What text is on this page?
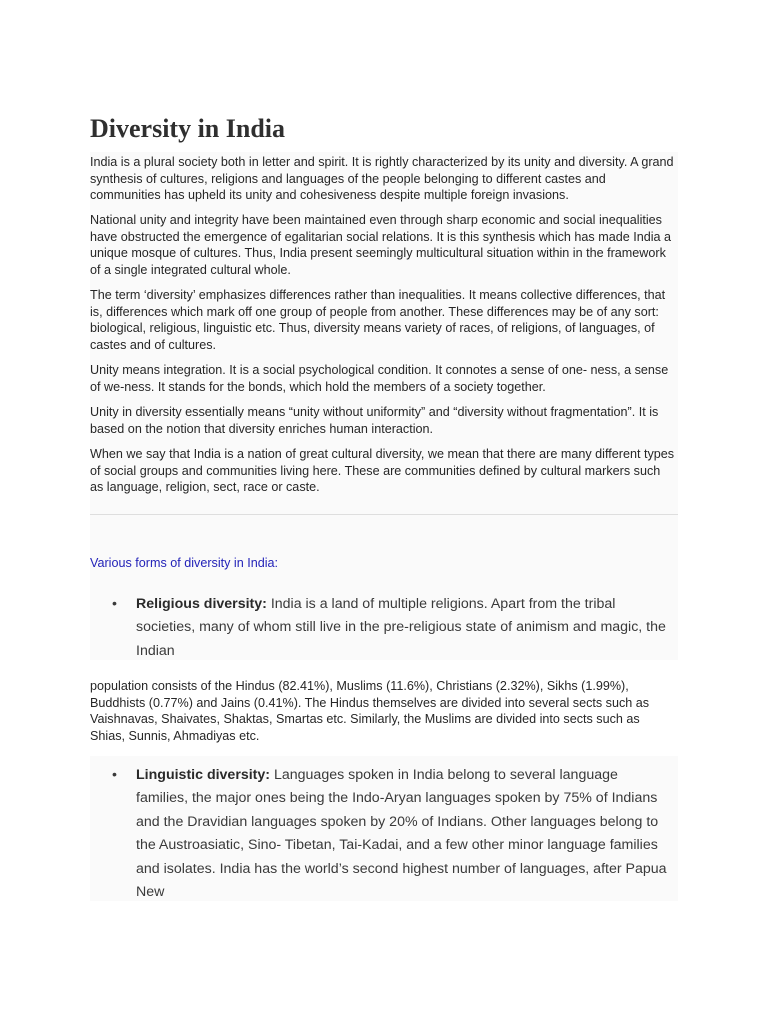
Diversity in India

India is a plural society both in letter and spirit. It is rightly characterized by its unity and diversity. A grand synthesis of cultures, religions and languages of the people belonging to different castes and communities has upheld its unity and cohesiveness despite multiple foreign invasions.

National unity and integrity have been maintained even through sharp economic and social inequalities have obstructed the emergence of egalitarian social relations. It is this synthesis which has made India a unique mosque of cultures. Thus, India present seemingly multicultural situation within in the framework of a single integrated cultural whole.

The term ‘diversity’ emphasizes differences rather than inequalities. It means collective differences, that is, differences which mark off one group of people from another. These differences may be of any sort: biological, religious, linguistic etc. Thus, diversity means variety of races, of religions, of languages, of castes and of cultures.

Unity means integration. It is a social psychological condition. It connotes a sense of one- ness, a sense of we-ness. It stands for the bonds, which hold the members of a society together.

Unity in diversity essentially means “unity without uniformity” and “diversity without fragmentation”. It is based on the notion that diversity enriches human interaction.

When we say that India is a nation of great cultural diversity, we mean that there are many different types of social groups and communities living here. These are communities defined by cultural markers such as language, religion, sect, race or caste.

Various forms of diversity in India:

•	Religious diversity: India is a land of multiple religions. Apart from the tribal societies, many of whom still live in the pre-religious state of animism and magic, the Indian

population consists of the Hindus (82.41%), Muslims (11.6%), Christians (2.32%), Sikhs (1.99%), Buddhists (0.77%) and Jains (0.41%). The Hindus themselves are divided into several sects such as Vaishnavas, Shaivates, Shaktas, Smartas etc. Similarly, the Muslims are divided into sects such as Shias, Sunnis, Ahmadiyas etc.

•	Linguistic diversity: Languages spoken in India belong to several language families, the major ones being the Indo-Aryan languages spoken by 75% of Indians and the Dravidian languages spoken by 20% of Indians. Other languages belong to the Austroasiatic, Sino- Tibetan, Tai-Kadai, and a few other minor language families and isolates. India has the world’s second highest number of languages, after Papua New
